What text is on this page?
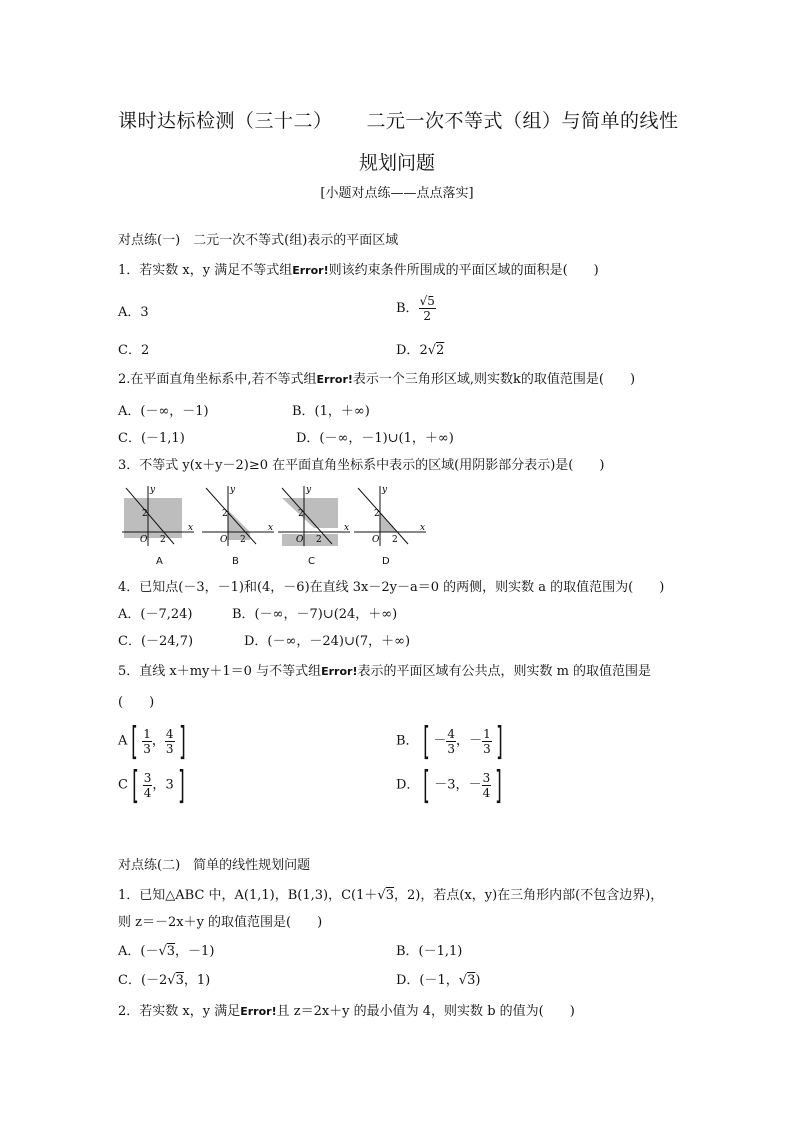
课时达标检测（三十二） 二元一次不等式（组）与简单的线性
规划问题
[小题对点练——点点落实]
对点练(一)　二元一次不等式(组)表示的平面区域
1．若实数 x，y 满足不等式组Error!则该约束条件所围成的平面区域的面积是(　　)
A．3	B． $\frac{√5}{2}$
C．2	D．2√2
2.在平面直角坐标系中,若不等式组Error!表示一个三角形区域,则实数k的取值范围是(　　)
A．(－∞，－1)	B．(1，＋∞)
C．(－1,1)	D．(－∞，－1)∪(1，＋∞)
3．不等式 y(x＋y－2)≥0 在平面直角坐标系中表示的区域(用阴影部分表示)是(　　)
y
x
O
2
2
y
x
O
2
2
y
x
O
2
2
y
x
O
2
2
A	B	C	D
4．已知点(－3，－1)和(4，－6)在直线 3x－2y－a＝0 的两侧，则实数 a 的取值范围为(　　)
A．(－7,24)	B．(－∞，－7)∪(24，＋∞)
C．(－24,7)	D．(－∞，－24)∪(7，＋∞)
5．直线 x＋my＋1＝0 与不等式组Error!表示的平面区域有公共点，则实数 m 的取值范围是
(　　)
A [ $\frac{1}{3}$ ， $\frac{4}{3}$ ]	B． [ － $\frac{4}{3}$ ，－ $\frac{1}{3}$ ]
C [ $\frac{3}{4}$ ，3 ]	D． [ －3，－ $\frac{3}{4}$ ]
对点练(二)　简单的线性规划问题
1．已知△ABC 中，A(1,1)，B(1,3)，C(1＋√3，2)，若点(x，y)在三角形内部(不包含边界)，
则 z＝－2x＋y 的取值范围是(　　)
A．(－√3，－1)	B．(－1,1)
C．(－2√3，1)	D．(－1，√3)
2．若实数 x，y 满足Error!且 z＝2x＋y 的最小值为 4，则实数 b 的值为(　　)
